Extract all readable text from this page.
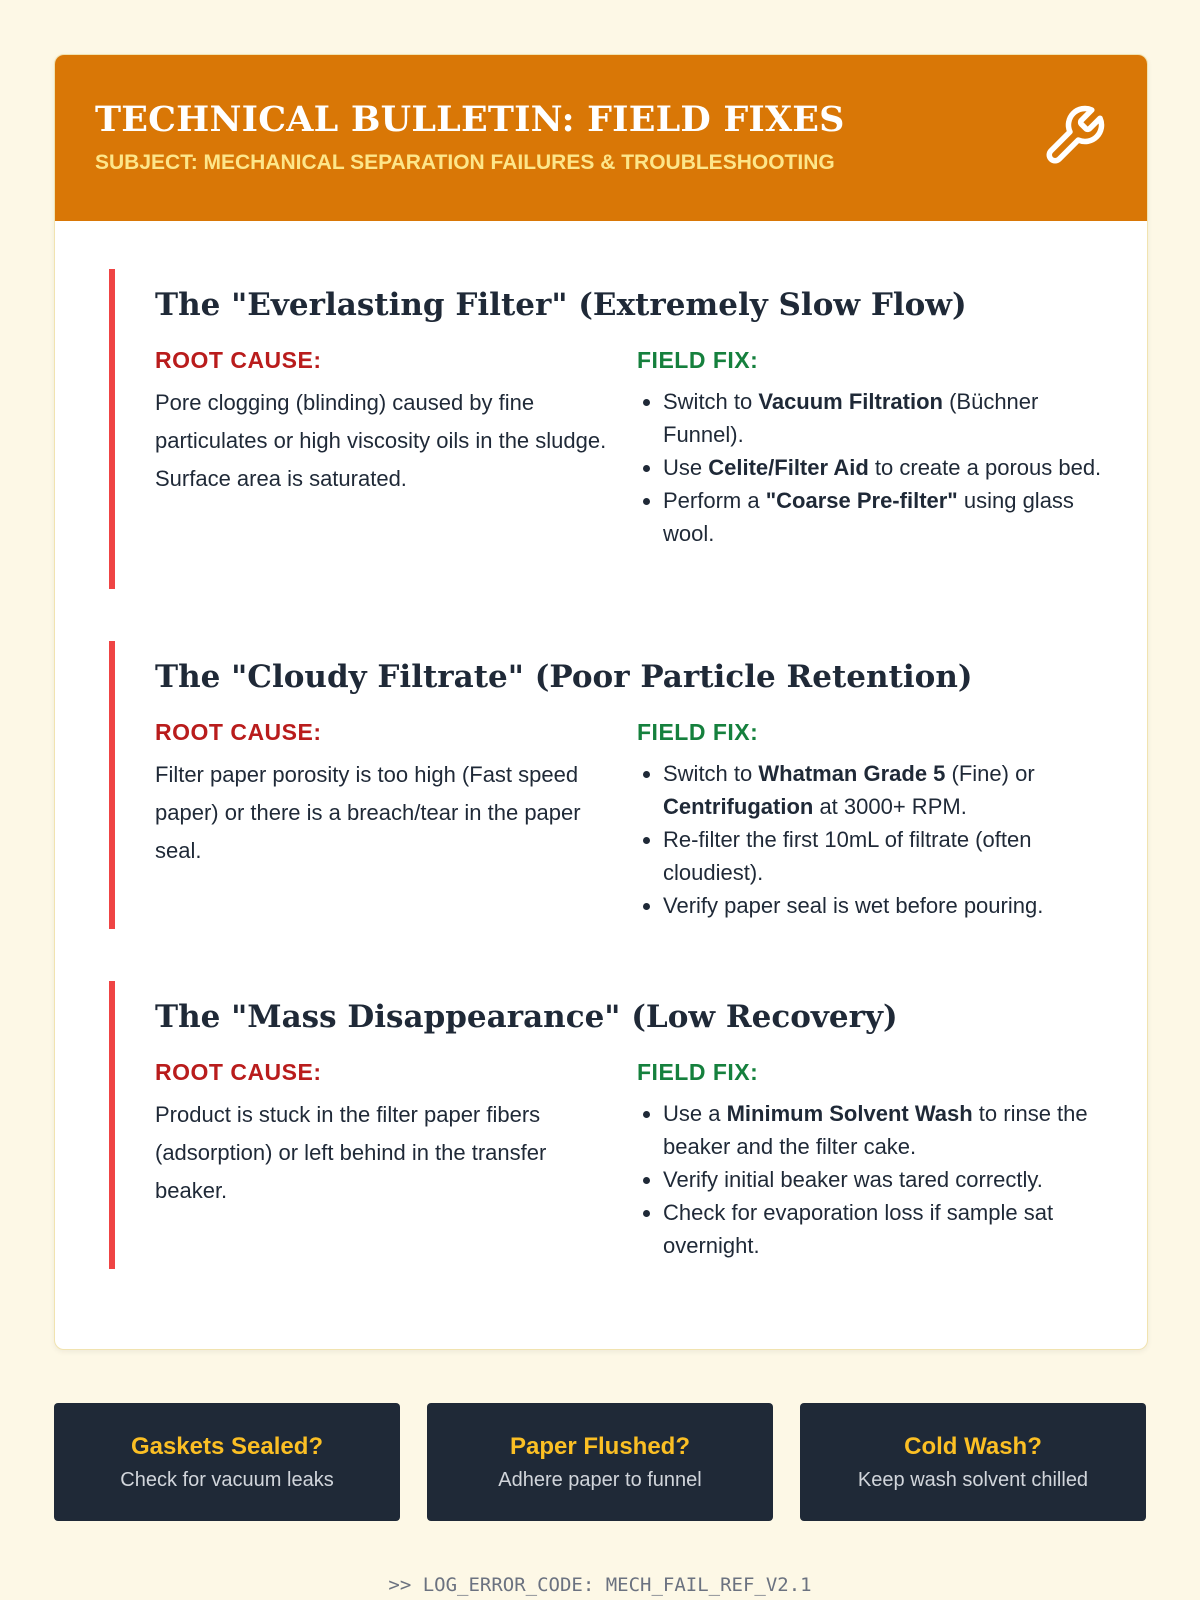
TECHNICAL BULLETIN: FIELD FIXES
SUBJECT: MECHANICAL SEPARATION FAILURES & TROUBLESHOOTING
The "Everlasting Filter" (Extremely Slow Flow)
ROOT CAUSE:
Pore clogging (blinding) caused by fine particulates or high viscosity oils in the sludge. Surface area is saturated.
FIELD FIX:
• Switch to Vacuum Filtration (Büchner Funnel).
• Use Celite/Filter Aid to create a porous bed.
• Perform a "Coarse Pre-filter" using glass wool.
The "Cloudy Filtrate" (Poor Particle Retention)
ROOT CAUSE:
Filter paper porosity is too high (Fast speed paper) or there is a breach/tear in the paper seal.
FIELD FIX:
• Switch to Whatman Grade 5 (Fine) or Centrifugation at 3000+ RPM.
• Re-filter the first 10mL of filtrate (often cloudiest).
• Verify paper seal is wet before pouring.
The "Mass Disappearance" (Low Recovery)
ROOT CAUSE:
Product is stuck in the filter paper fibers (adsorption) or left behind in the transfer beaker.
FIELD FIX:
• Use a Minimum Solvent Wash to rinse the beaker and the filter cake.
• Verify initial beaker was tared correctly.
• Check for evaporation loss if sample sat overnight.
Gaskets Sealed?
Check for vacuum leaks
Paper Flushed?
Adhere paper to funnel
Cold Wash?
Keep wash solvent chilled
>> LOG_ERROR_CODE: MECH_FAIL_REF_V2.1
